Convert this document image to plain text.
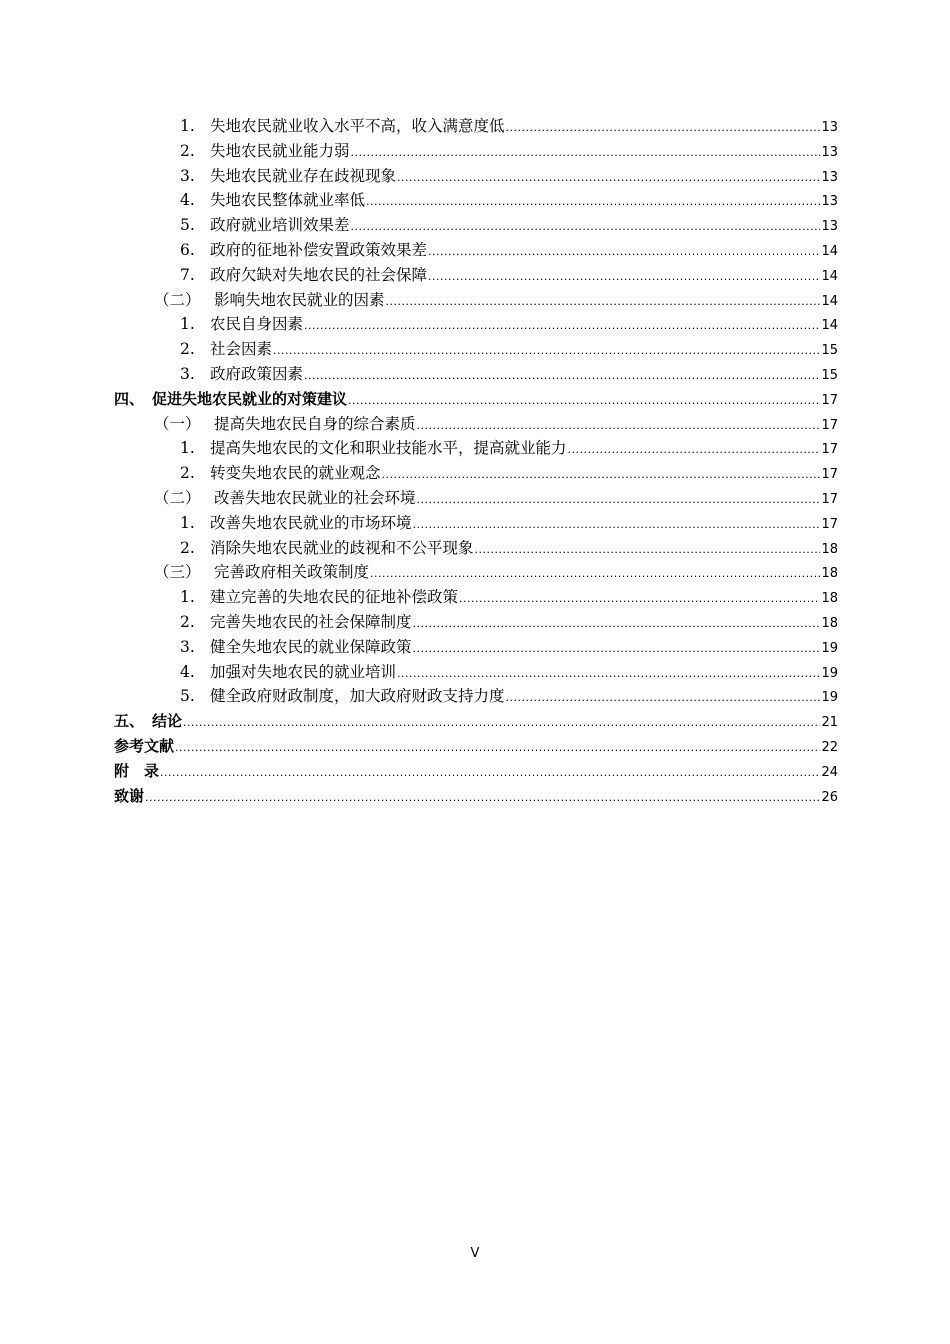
1. 失地农民就业收入水平不高，收入满意度低 .....	13
2. 失地农民就业能力弱 .....	13
3. 失地农民就业存在歧视现象 .....	13
4. 失地农民整体就业率低 .....	13
5. 政府就业培训效果差 .....	13
6. 政府的征地补偿安置政策效果差 .....	14
7. 政府欠缺对失地农民的社会保障 .....	14
（二） 影响失地农民就业的因素 .....	14
1. 农民自身因素 .....	14
2. 社会因素 .....	15
3. 政府政策因素 .....	15
四、 促进失地农民就业的对策建议 .....	17
（一） 提高失地农民自身的综合素质 .....	17
1. 提高失地农民的文化和职业技能水平，提高就业能力 .....	17
2. 转变失地农民的就业观念 .....	17
（二） 改善失地农民就业的社会环境 .....	17
1. 改善失地农民就业的市场环境 .....	17
2. 消除失地农民就业的歧视和不公平现象 .....	18
（三） 完善政府相关政策制度 .....	18
1. 建立完善的失地农民的征地补偿政策 .....	18
2. 完善失地农民的社会保障制度 .....	18
3. 健全失地农民的就业保障政策 .....	19
4. 加强对失地农民的就业培训 .....	19
5. 健全政府财政制度，加大政府财政支持力度 .....	19
五、 结论 .....	21
参考文献 .....	22
附　录 .....	24
致谢 .....	26
V
